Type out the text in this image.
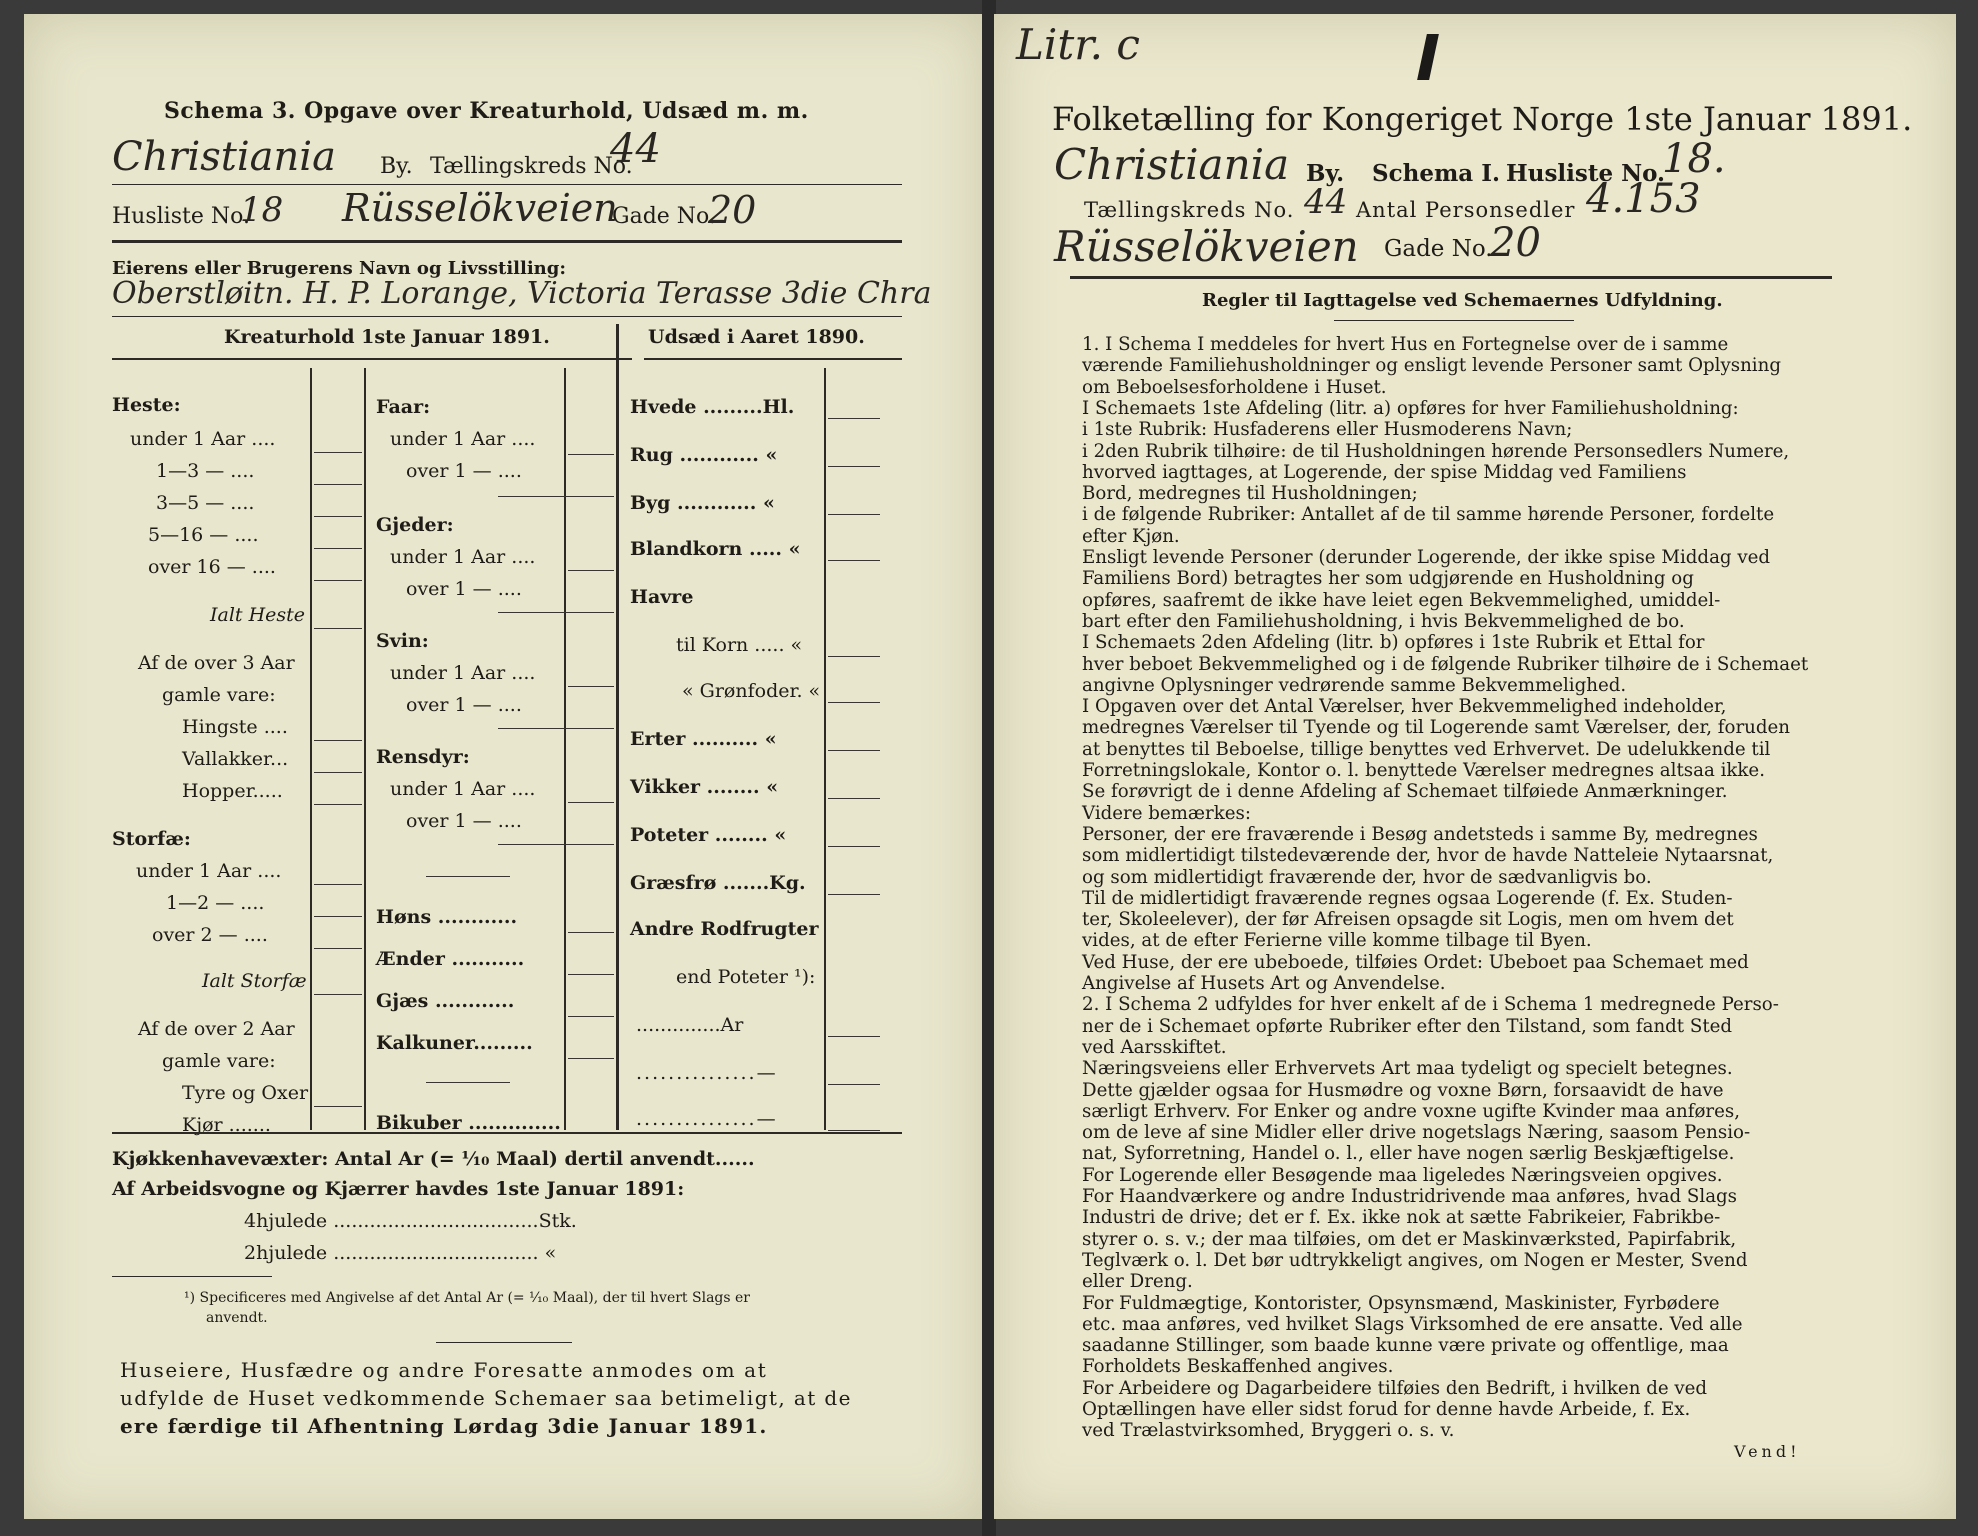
Schema 3. Opgave over Kreaturhold, Udsæd m. m.
Christiania By. Tællingskreds No.
44
Husliste No.
18 Rüsselökveien
Gade No.
20
Eierens eller Brugerens Navn og Livsstilling:
Oberstløitn. H. P. Lorange, Victoria Terasse 3die Chra
Kreaturhold 1ste Januar 1891.	Udsæd i Aaret 1890.
Heste:
under 1 Aar ....
1—3 — ....
3—5 — ....
5—16 — ....
over 16 — ....
Ialt Heste
Af de over 3 Aar
gamle vare:
Hingste ....
Vallakker...
Hopper.....
Storfæ:
under 1 Aar ....
1—2 — ....
over 2 — ....
Ialt Storfæ
Af de over 2 Aar
gamle vare:
Tyre og Oxer
Kjør .......
Faar:
under 1 Aar ....
over 1 — ....
Gjeder:
under 1 Aar ....
over 1 — ....
Svin:
under 1 Aar ....
over 1 — ....
Rensdyr:
under 1 Aar ....
over 1 — ....
Høns ............
Ænder ...........
Gjæs ............
Kalkuner.........
Bikuber ..............
Hvede .........Hl.
Rug ............ «
Byg ............ «
Blandkorn ..... «
Havre
til Korn ..... «
« Grønfoder. «
Erter .......... «
Vikker ........ «
Poteter ........ «
Græsfrø .......Kg.
Andre Rodfrugter
end Poteter ¹):
..............Ar
...............—
...............—
Kjøkkenhavevæxter: Antal Ar (= ¹⁄₁₀ Maal) dertil anvendt......
Af Arbeidsvogne og Kjærrer havdes 1ste Januar 1891:
4hjulede ..................................Stk.
2hjulede .................................. «
¹) Specificeres med Angivelse af det Antal Ar (= ¹⁄₁₀ Maal), der til hvert Slags er
anvendt.
Huseiere, Husfædre og andre Foresatte anmodes om at
udfylde de Huset vedkommende Schemaer saa betimeligt, at de
ere færdige til Afhentning Lørdag 3die Januar 1891.
Litr. c
Folketælling for Kongeriget Norge 1ste Januar 1891.
Christiania By. Schema I. Husliste No.
18.
Tællingskreds No. 44 Antal Personsedler 4.153
Rüsselökveien Gade No.
20
Regler til Iagttagelse ved Schemaernes Udfyldning.
1. I Schema I meddeles for hvert Hus en Fortegnelse over de i samme
værende Familiehusholdninger og ensligt levende Personer samt Oplysning
om Beboelsesforholdene i Huset.
I Schemaets 1ste Afdeling (litr. a) opføres for hver Familiehusholdning:
i 1ste Rubrik: Husfaderens eller Husmoderens Navn;
i 2den Rubrik tilhøire: de til Husholdningen hørende Personsedlers Numere,
hvorved iagttages, at Logerende, der spise Middag ved Familiens
Bord, medregnes til Husholdningen;
i de følgende Rubriker: Antallet af de til samme hørende Personer, fordelte
efter Kjøn.
Ensligt levende Personer (derunder Logerende, der ikke spise Middag ved
Familiens Bord) betragtes her som udgjørende en Husholdning og
opføres, saafremt de ikke have leiet egen Bekvemmelighed, umiddel-
bart efter den Familiehusholdning, i hvis Bekvemmelighed de bo.
I Schemaets 2den Afdeling (litr. b) opføres i 1ste Rubrik et Ettal for
hver beboet Bekvemmelighed og i de følgende Rubriker tilhøire de i Schemaet
angivne Oplysninger vedrørende samme Bekvemmelighed.
I Opgaven over det Antal Værelser, hver Bekvemmelighed indeholder,
medregnes Værelser til Tyende og til Logerende samt Værelser, der, foruden
at benyttes til Beboelse, tillige benyttes ved Erhvervet. De udelukkende til
Forretningslokale, Kontor o. l. benyttede Værelser medregnes altsaa ikke.
Se forøvrigt de i denne Afdeling af Schemaet tilføiede Anmærkninger.
Videre bemærkes:
Personer, der ere fraværende i Besøg andetsteds i samme By, medregnes
som midlertidigt tilstedeværende der, hvor de havde Natteleie Nytaarsnat,
og som midlertidigt fraværende der, hvor de sædvanligvis bo.
Til de midlertidigt fraværende regnes ogsaa Logerende (f. Ex. Studen-
ter, Skoleelever), der før Afreisen opsagde sit Logis, men om hvem det
vides, at de efter Ferierne ville komme tilbage til Byen.
Ved Huse, der ere ubeboede, tilføies Ordet: Ubeboet paa Schemaet med
Angivelse af Husets Art og Anvendelse.
2. I Schema 2 udfyldes for hver enkelt af de i Schema 1 medregnede Perso-
ner de i Schemaet opførte Rubriker efter den Tilstand, som fandt Sted
ved Aarsskiftet.
Næringsveiens eller Erhvervets Art maa tydeligt og specielt betegnes.
Dette gjælder ogsaa for Husmødre og voxne Børn, forsaavidt de have
særligt Erhverv. For Enker og andre voxne ugifte Kvinder maa anføres,
om de leve af sine Midler eller drive nogetslags Næring, saasom Pensio-
nat, Syforretning, Handel o. l., eller have nogen særlig Beskjæftigelse.
For Logerende eller Besøgende maa ligeledes Næringsveien opgives.
For Haandværkere og andre Industridrivende maa anføres, hvad Slags
Industri de drive; det er f. Ex. ikke nok at sætte Fabrikeier, Fabrikbe-
styrer o. s. v.; der maa tilføies, om det er Maskinværksted, Papirfabrik,
Teglværk o. l. Det bør udtrykkeligt angives, om Nogen er Mester, Svend
eller Dreng.
For Fuldmægtige, Kontorister, Opsynsmænd, Maskinister, Fyrbødere
etc. maa anføres, ved hvilket Slags Virksomhed de ere ansatte. Ved alle
saadanne Stillinger, som baade kunne være private og offentlige, maa
Forholdets Beskaffenhed angives.
For Arbeidere og Dagarbeidere tilføies den Bedrift, i hvilken de ved
Optællingen have eller sidst forud for denne havde Arbeide, f. Ex.
ved Trælastvirksomhed, Bryggeri o. s. v.
Vend!
